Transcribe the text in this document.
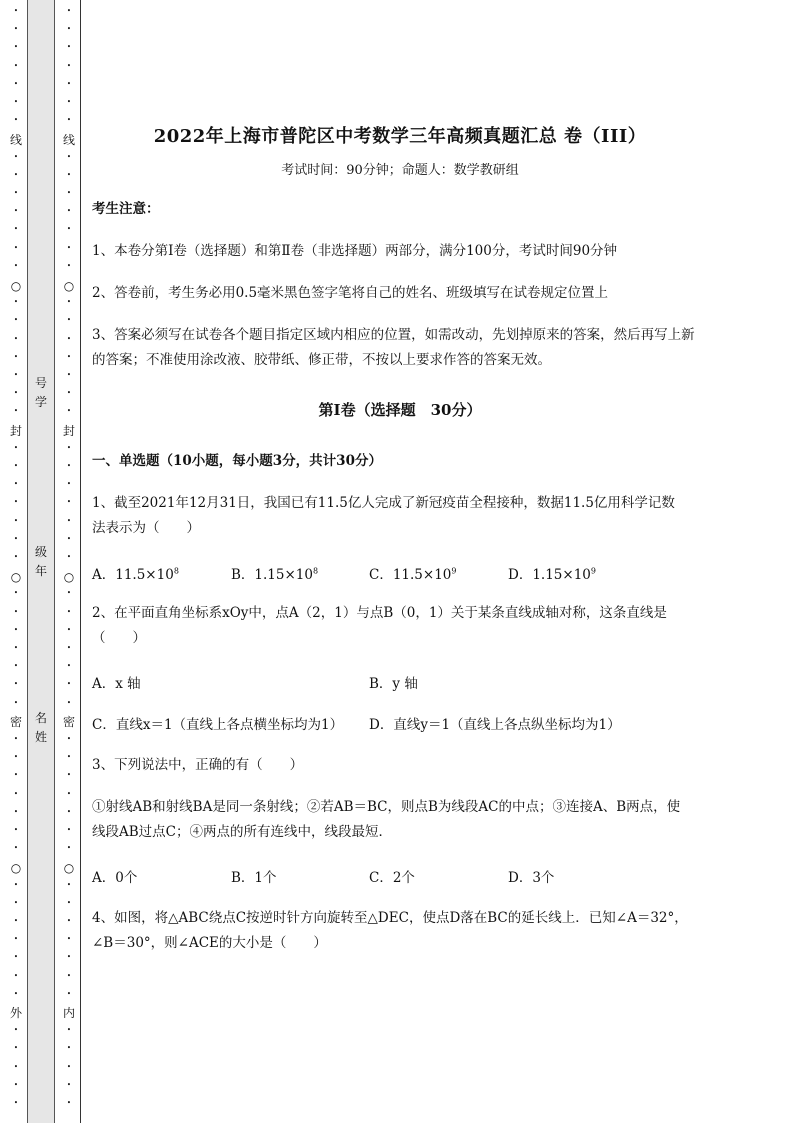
•
•
•
•
•
•
•
线
•
•
•
•
•
•
•
○
•
•
•
•
•
•
•
封
•
•
•
•
•
•
•
○
•
•
•
•
•
•
•
密
•
•
•
•
•
•
•
○
•
•
•
•
•
•
•
外
•
•
•
•
•
号
学
级
年
名
姓
•
•
•
•
•
•
•
线
•
•
•
•
•
•
•
○
•
•
•
•
•
•
•
封
•
•
•
•
•
•
•
○
•
•
•
•
•
•
•
密
•
•
•
•
•
•
•
○
•
•
•
•
•
•
•
内
•
•
•
•
•
2022年上海市普陀区中考数学三年高频真题汇总 卷（III）
考试时间：90分钟；命题人：数学教研组
考生注意：
1、本卷分第I卷（选择题）和第Ⅱ卷（非选择题）两部分，满分100分，考试时间90分钟
2、答卷前，考生务必用0.5毫米黑色签字笔将自己的姓名、班级填写在试卷规定位置上
3、答案必须写在试卷各个题目指定区域内相应的位置，如需改动，先划掉原来的答案，然后再写上新
的答案；不准使用涂改液、胶带纸、修正带，不按以上要求作答的答案无效。
第I卷（选择题　30分）
一、单选题（10小题，每小题3分，共计30分）
1、截至2021年12月31日，我国已有11.5亿人完成了新冠疫苗全程接种，数据11.5亿用科学记数
法表示为（　　）
A．$11.5\times 10^8$	B．$1.15\times 10^8$	C．$11.5\times 10^9$	D．$1.15\times 10^9$
2、在平面直角坐标系xOy中，点A（2，1）与点B（0，1）关于某条直线成轴对称，这条直线是
（　　）
A．x 轴	B．y 轴
C．直线x＝1（直线上各点横坐标均为1） D．直线y＝1（直线上各点纵坐标均为1）
3、下列说法中，正确的有（　　）
①射线AB和射线BA是同一条射线；②若AB＝BC，则点B为线段AC的中点；③连接A、B两点，使
线段AB过点C；④两点的所有连线中，线段最短．
A．0个	B．1个	C．2个	D．3个
4、如图，将△ABC绕点C按逆时针方向旋转至△DEC，使点D落在BC的延长线上．已知∠A＝32°，
∠B＝30°，则∠ACE的大小是（　　）
